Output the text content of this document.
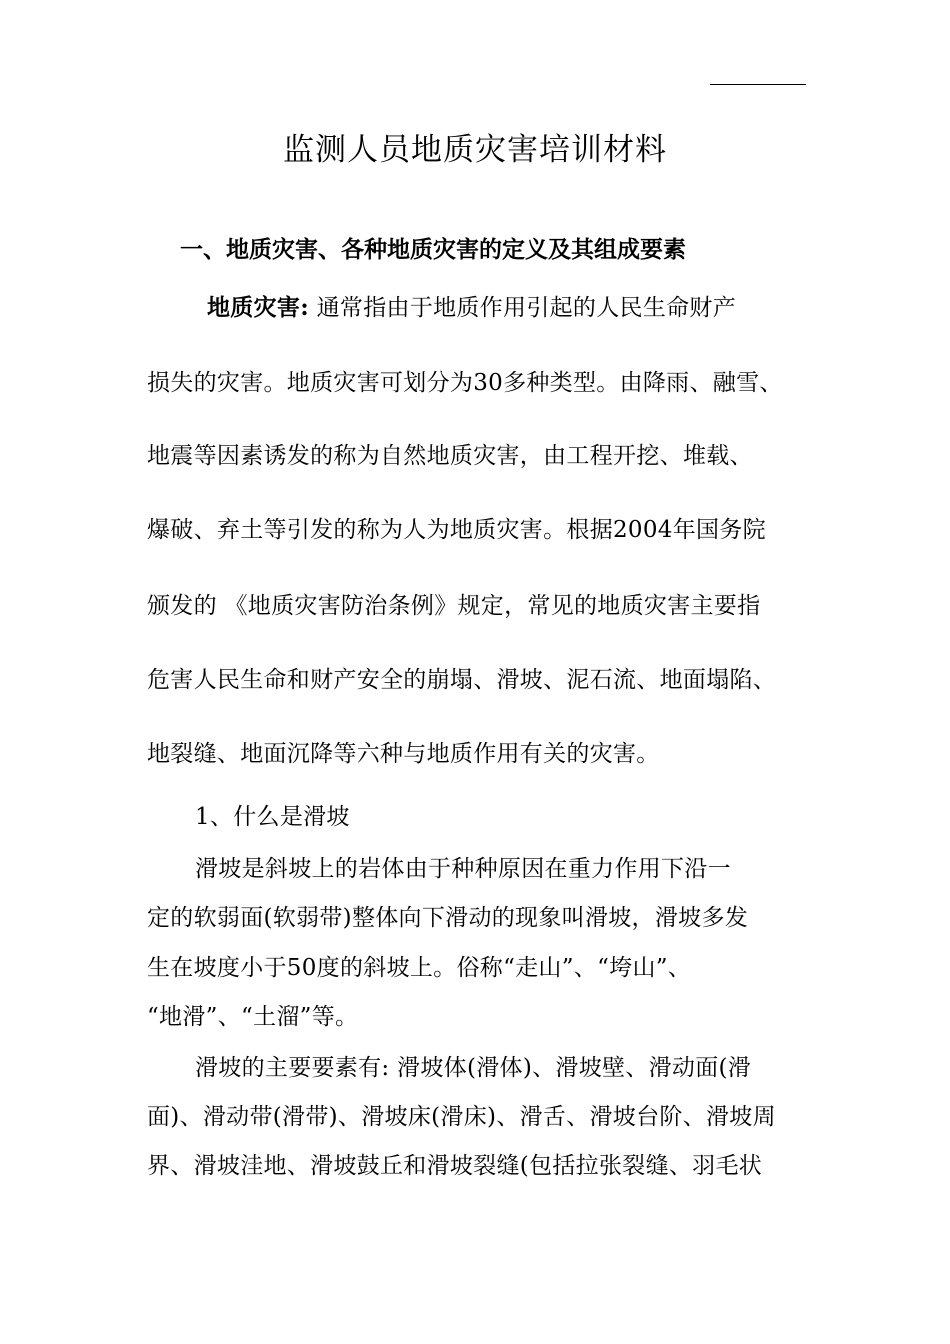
监测人员地质灾害培训材料
一、地质灾害、各种地质灾害的定义及其组成要素
地质灾害: 通常指由于地质作用引起的人民生命财产
损失的灾害。地质灾害可划分为30多种类型。由降雨、融雪、
地震等因素诱发的称为自然地质灾害，由工程开挖、堆载、
爆破、弃土等引发的称为人为地质灾害。根据2004年国务院
颁发的 《地质灾害防治条例》规定，常见的地质灾害主要指
危害人民生命和财产安全的崩塌、滑坡、泥石流、地面塌陷、
地裂缝、地面沉降等六种与地质作用有关的灾害。
1、什么是滑坡
滑坡是斜坡上的岩体由于种种原因在重力作用下沿一
定的软弱面(软弱带)整体向下滑动的现象叫滑坡，滑坡多发
生在坡度小于50度的斜坡上。俗称“走山”、“垮山”、
“地滑”、“土溜”等。
滑坡的主要要素有: 滑坡体(滑体)、滑坡壁、滑动面(滑
面)、滑动带(滑带)、滑坡床(滑床)、滑舌、滑坡台阶、滑坡周
界、滑坡洼地、滑坡鼓丘和滑坡裂缝(包括拉张裂缝、羽毛状
